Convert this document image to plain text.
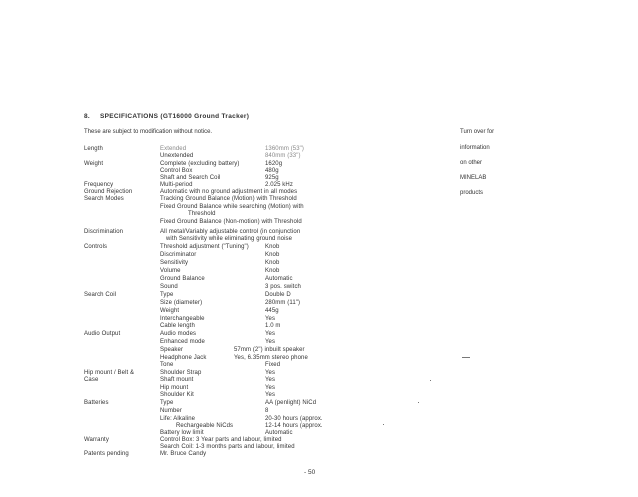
8. SPECIFICATIONS (GT16000 Ground Tracker)
These are subject to modification without notice.
Length	Extended	1360mm (53")
Unextended	840mm (33")
Weight	Complete (excluding battery)	1620g
Control Box	480g
Shaft and Search Coil	925g
Frequency	Multi-period	2.025 kHz
Ground Rejection	Automatic with no ground adjustment in all modes
Search Modes	Tracking Ground Balance (Motion) with Threshold
Fixed Ground Balance while searching (Motion) with
Threshold
Fixed Ground Balance (Non-motion) with Threshold
Discrimination	All metal/Variably adjustable control (in conjunction
with Sensitivity while eliminating ground noise
Controls	Threshold adjustment ("Tuning")	Knob
Discriminator	Knob
Sensitivity	Knob
Volume	Knob
Ground Balance	Automatic
Sound	3 pos. switch
Search Coil	Type	Double D
Size (diameter)	280mm (11")
Weight	445g
Interchangeable	Yes
Cable length	1.0 m
Audio Output	Audio modes	Yes
Enhanced mode	Yes
Speaker	57mm (2") inbuilt speaker
Headphone Jack	Yes, 6.35mm stereo phone
Tone	Fixed
Hip mount / Belt &	Shoulder Strap	Yes
Case	Shaft mount	Yes
Hip mount	Yes
Shoulder Kit	Yes
Batteries	Type	AA (penlight) NiCd
Number	8
Life: Alkaline	20-30 hours (approx.
Rechargeable NiCds	12-14 hours (approx.
Battery low limit	Automatic
Warranty	Control Box: 3 Year parts and labour, limited
Search Coil: 1-3 months parts and labour, limited
Patents pending	Mr. Bruce Candy
Turn over for
information
on other
MINELAB
products
- 50
